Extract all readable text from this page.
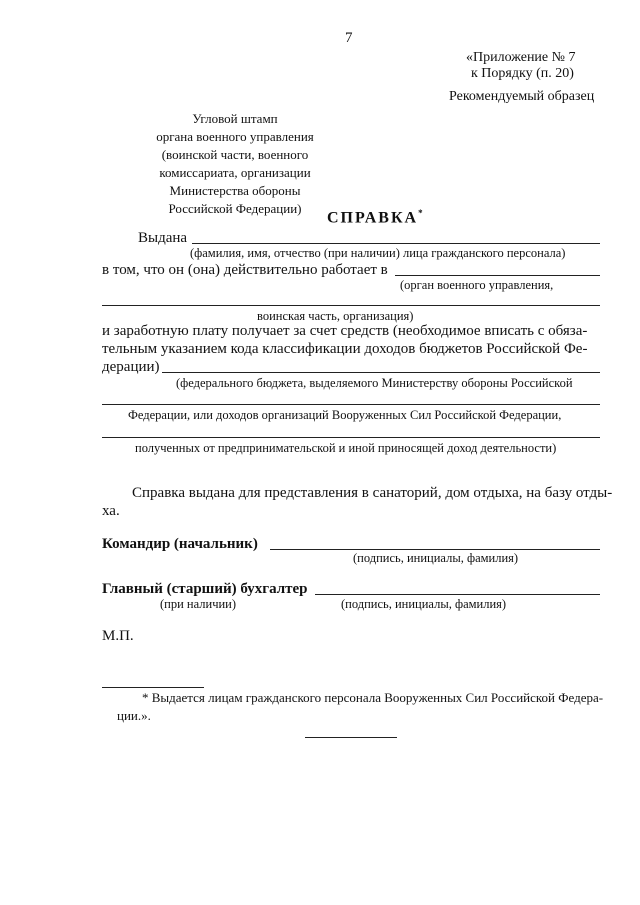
7
«Приложение № 7
к Порядку (п. 20)
Рекомендуемый образец
Угловой штамп
органа военного управления
(воинской части, военного
комиссариата, организации
Министерства обороны
Российской Федерации)
СПРАВКА*
Выдана
(фамилия, имя, отчество (при наличии) лица гражданского персонала)
в том, что он (она) действительно работает в
(орган военного управления,
воинская часть, организация)
и заработную плату получает за счет средств (необходимое вписать с обяза-
тельным указанием кода классификации доходов бюджетов Российской Фе-
дерации)
(федерального бюджета, выделяемого Министерству обороны Российской
Федерации, или доходов организаций Вооруженных Сил Российской Федерации,
полученных от предпринимательской и иной приносящей доход деятельности)
Справка выдана для представления в санаторий, дом отдыха, на базу отды-
ха.
Командир (начальник)
(подпись, инициалы, фамилия)
Главный (старший) бухгалтер
(при наличии)	(подпись, инициалы, фамилия)
М.П.
* Выдается лицам гражданского персонала Вооруженных Сил Российской Федера-
ции.».
